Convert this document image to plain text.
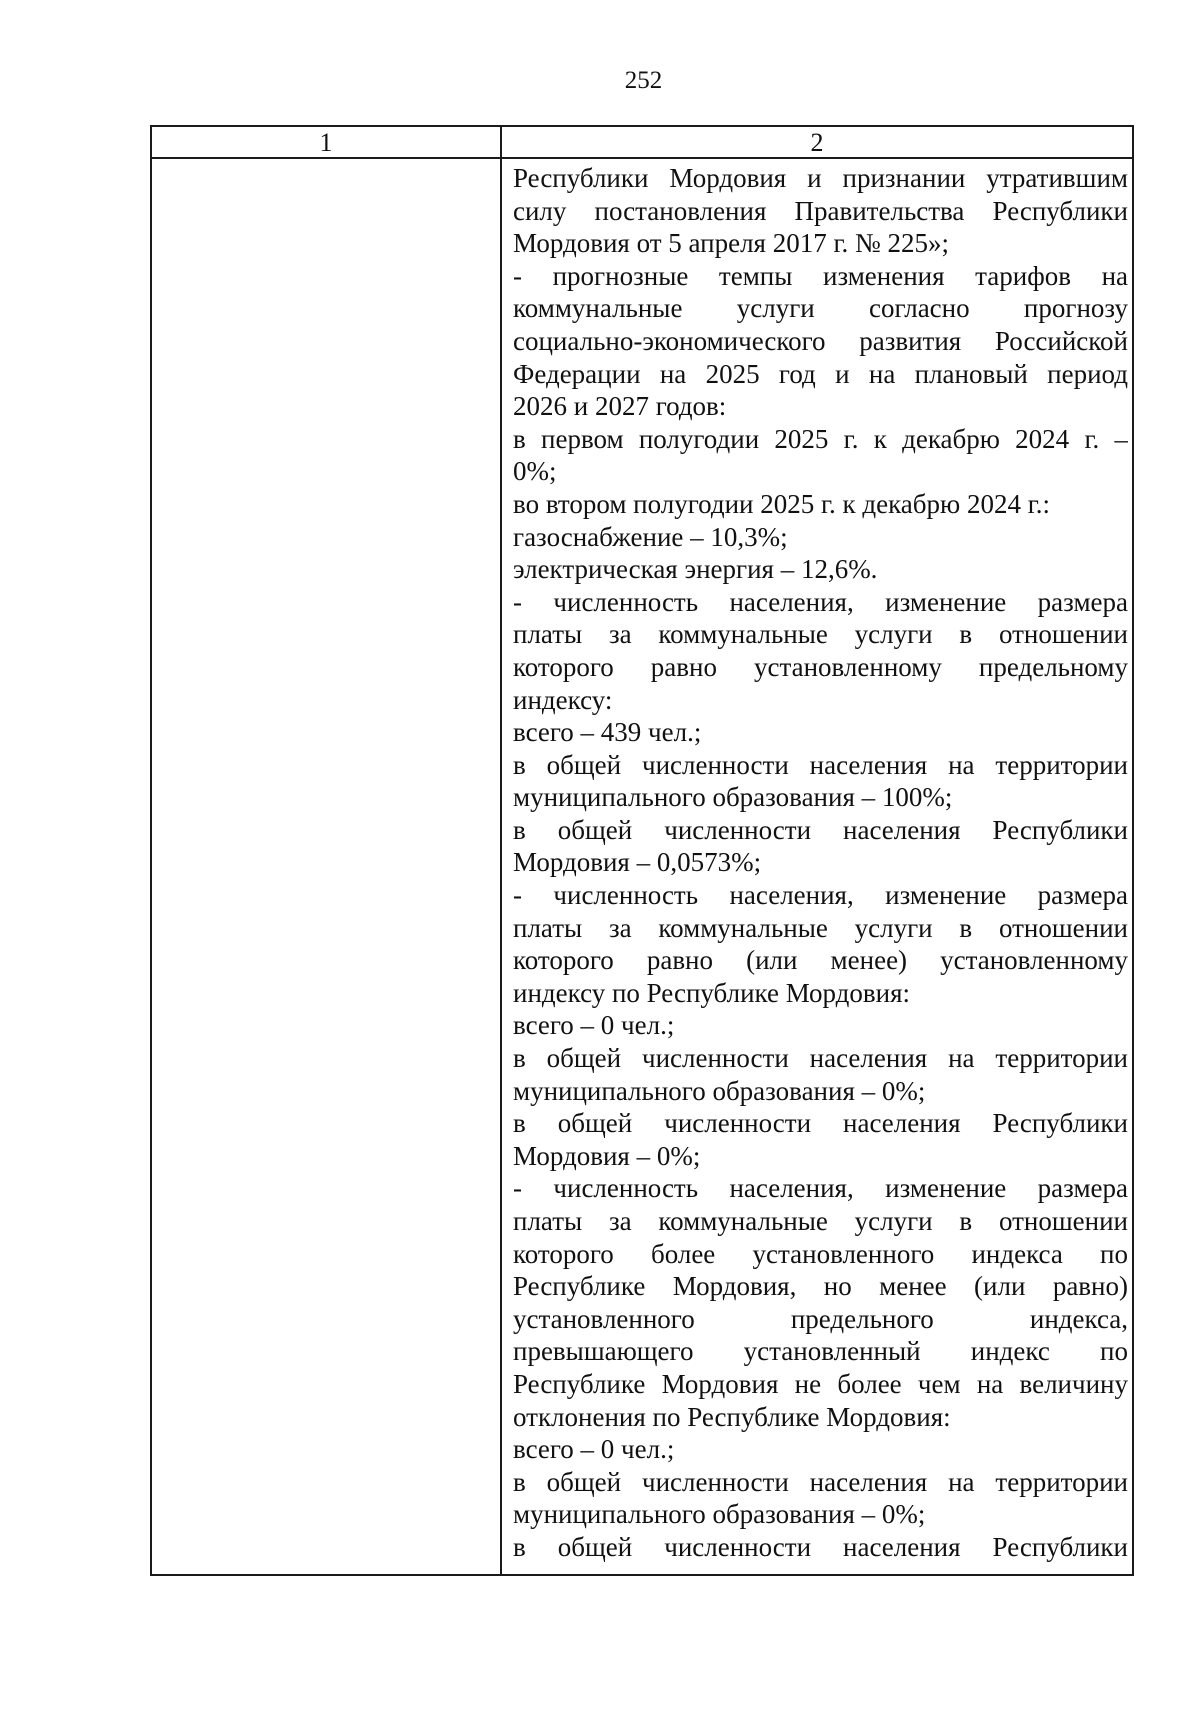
252
1	2
Республики Мордовия и признании утратившим
силу постановления Правительства Республики
Мордовия от 5 апреля 2017 г. № 225»;
- прогнозные темпы изменения тарифов на
коммунальные услуги согласно прогнозу
социально-экономического развития Российской
Федерации на 2025 год и на плановый период
2026 и 2027 годов:
в первом полугодии 2025 г. к декабрю 2024 г. –
0%;
во втором полугодии 2025 г. к декабрю 2024 г.:
газоснабжение – 10,3%;
электрическая энергия – 12,6%.
- численность населения, изменение размера
платы за коммунальные услуги в отношении
которого равно установленному предельному
индексу:
всего – 439 чел.;
в общей численности населения на территории
муниципального образования – 100%;
в общей численности населения Республики
Мордовия – 0,0573%;
- численность населения, изменение размера
платы за коммунальные услуги в отношении
которого равно (или менее) установленному
индексу по Республике Мордовия:
всего – 0 чел.;
в общей численности населения на территории
муниципального образования – 0%;
в общей численности населения Республики
Мордовия – 0%;
- численность населения, изменение размера
платы за коммунальные услуги в отношении
которого более установленного индекса по
Республике Мордовия, но менее (или равно)
установленного предельного индекса,
превышающего установленный индекс по
Республике Мордовия не более чем на величину
отклонения по Республике Мордовия:
всего – 0 чел.;
в общей численности населения на территории
муниципального образования – 0%;
в общей численности населения Республики
